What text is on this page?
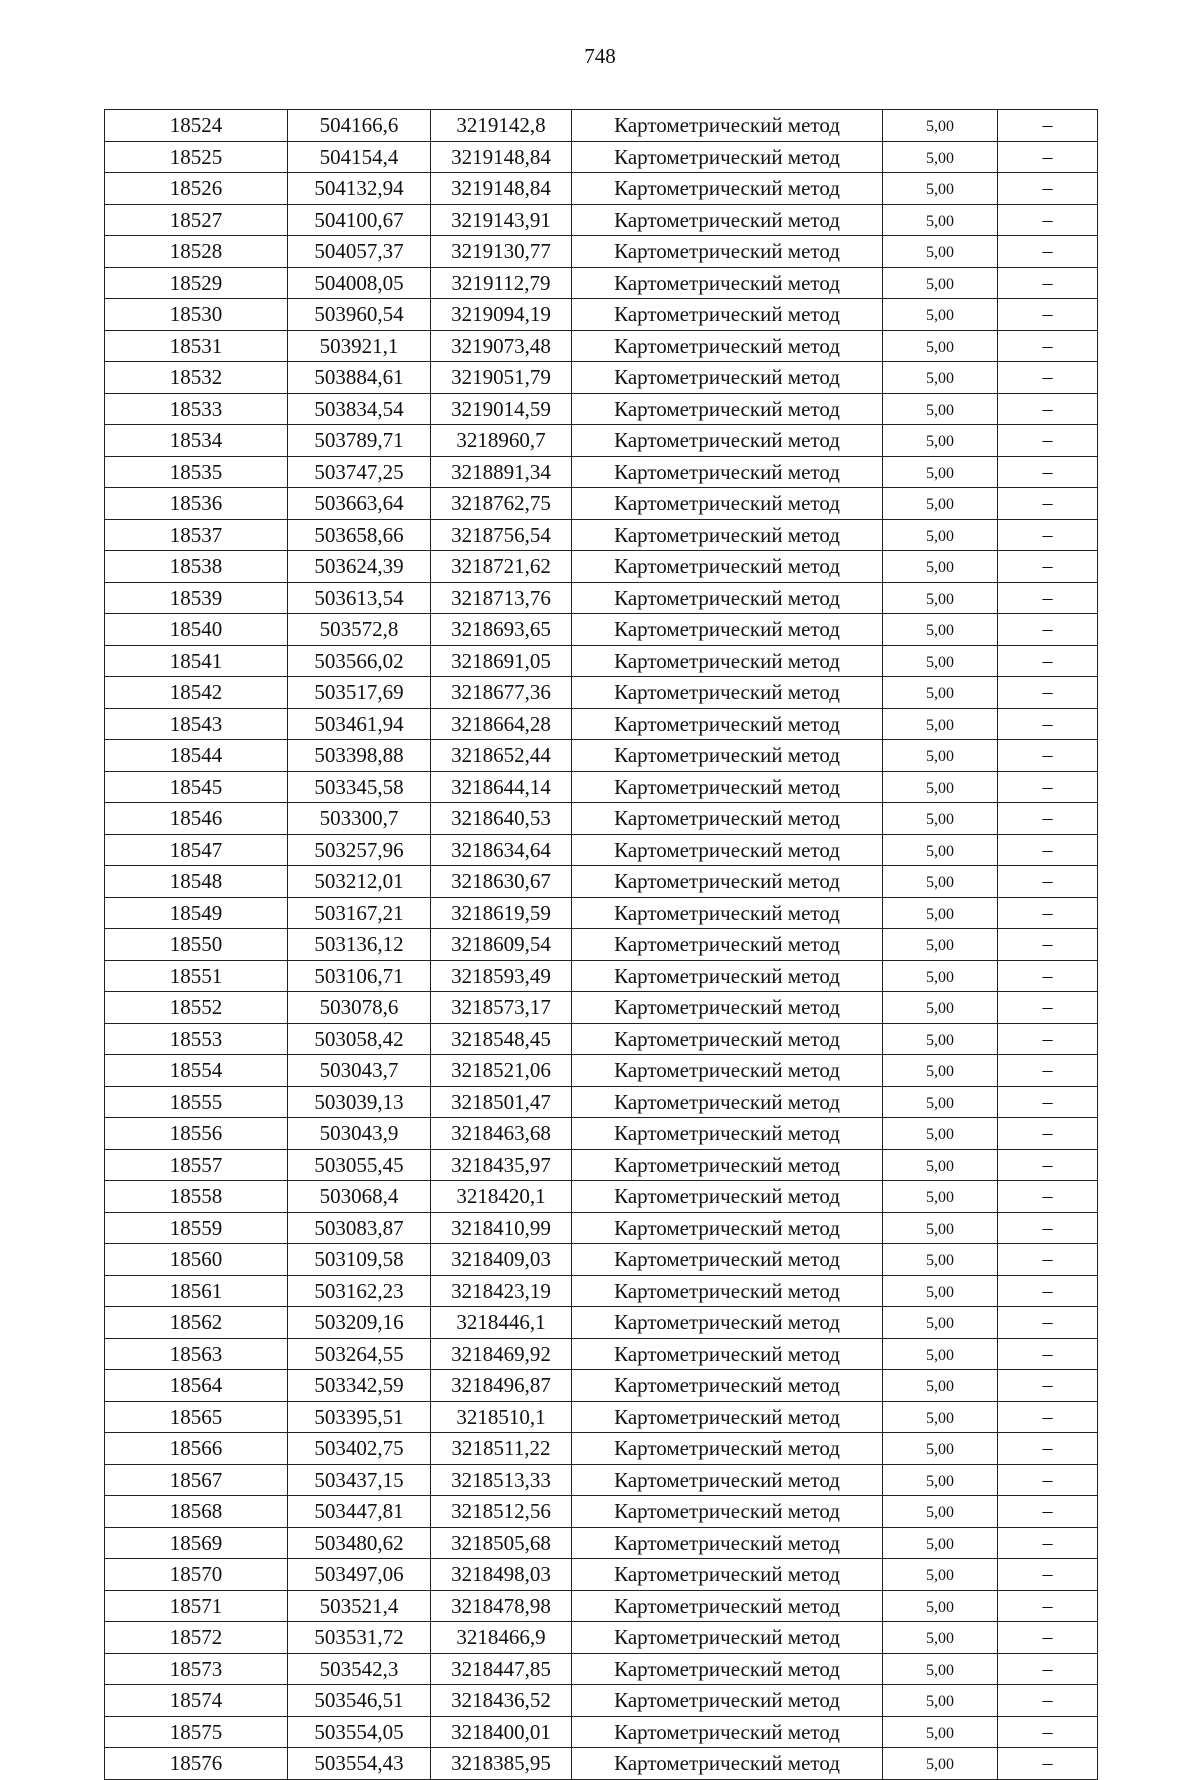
748
18524	504166,6	3219142,8	Картометрический метод	5,00	–
18525	504154,4	3219148,84	Картометрический метод	5,00	–
18526	504132,94	3219148,84	Картометрический метод	5,00	–
18527	504100,67	3219143,91	Картометрический метод	5,00	–
18528	504057,37	3219130,77	Картометрический метод	5,00	–
18529	504008,05	3219112,79	Картометрический метод	5,00	–
18530	503960,54	3219094,19	Картометрический метод	5,00	–
18531	503921,1	3219073,48	Картометрический метод	5,00	–
18532	503884,61	3219051,79	Картометрический метод	5,00	–
18533	503834,54	3219014,59	Картометрический метод	5,00	–
18534	503789,71	3218960,7	Картометрический метод	5,00	–
18535	503747,25	3218891,34	Картометрический метод	5,00	–
18536	503663,64	3218762,75	Картометрический метод	5,00	–
18537	503658,66	3218756,54	Картометрический метод	5,00	–
18538	503624,39	3218721,62	Картометрический метод	5,00	–
18539	503613,54	3218713,76	Картометрический метод	5,00	–
18540	503572,8	3218693,65	Картометрический метод	5,00	–
18541	503566,02	3218691,05	Картометрический метод	5,00	–
18542	503517,69	3218677,36	Картометрический метод	5,00	–
18543	503461,94	3218664,28	Картометрический метод	5,00	–
18544	503398,88	3218652,44	Картометрический метод	5,00	–
18545	503345,58	3218644,14	Картометрический метод	5,00	–
18546	503300,7	3218640,53	Картометрический метод	5,00	–
18547	503257,96	3218634,64	Картометрический метод	5,00	–
18548	503212,01	3218630,67	Картометрический метод	5,00	–
18549	503167,21	3218619,59	Картометрический метод	5,00	–
18550	503136,12	3218609,54	Картометрический метод	5,00	–
18551	503106,71	3218593,49	Картометрический метод	5,00	–
18552	503078,6	3218573,17	Картометрический метод	5,00	–
18553	503058,42	3218548,45	Картометрический метод	5,00	–
18554	503043,7	3218521,06	Картометрический метод	5,00	–
18555	503039,13	3218501,47	Картометрический метод	5,00	–
18556	503043,9	3218463,68	Картометрический метод	5,00	–
18557	503055,45	3218435,97	Картометрический метод	5,00	–
18558	503068,4	3218420,1	Картометрический метод	5,00	–
18559	503083,87	3218410,99	Картометрический метод	5,00	–
18560	503109,58	3218409,03	Картометрический метод	5,00	–
18561	503162,23	3218423,19	Картометрический метод	5,00	–
18562	503209,16	3218446,1	Картометрический метод	5,00	–
18563	503264,55	3218469,92	Картометрический метод	5,00	–
18564	503342,59	3218496,87	Картометрический метод	5,00	–
18565	503395,51	3218510,1	Картометрический метод	5,00	–
18566	503402,75	3218511,22	Картометрический метод	5,00	–
18567	503437,15	3218513,33	Картометрический метод	5,00	–
18568	503447,81	3218512,56	Картометрический метод	5,00	–
18569	503480,62	3218505,68	Картометрический метод	5,00	–
18570	503497,06	3218498,03	Картометрический метод	5,00	–
18571	503521,4	3218478,98	Картометрический метод	5,00	–
18572	503531,72	3218466,9	Картометрический метод	5,00	–
18573	503542,3	3218447,85	Картометрический метод	5,00	–
18574	503546,51	3218436,52	Картометрический метод	5,00	–
18575	503554,05	3218400,01	Картометрический метод	5,00	–
18576	503554,43	3218385,95	Картометрический метод	5,00	–
